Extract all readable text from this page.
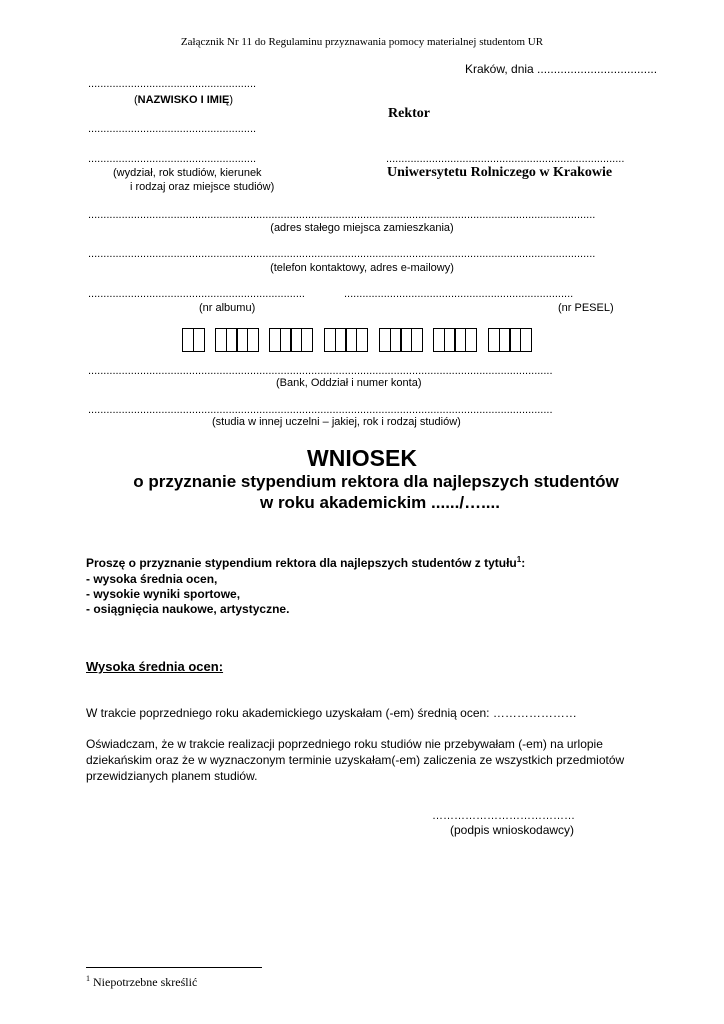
Załącznik Nr 11 do Regulaminu przyznawania pomocy materialnej studentom UR
Kraków, dnia ....................................
.......................................................
(NAZWISKO I IMIĘ)
.......................................................
.......................................................
(wydział, rok studiów, kierunek
i rodzaj oraz miejsce studiów)
Rektor
..............................................................................
Uniwersytetu Rolniczego w Krakowie
......................................................................................................................................................................
(adres stałego miejsca zamieszkania)
......................................................................................................................................................................
(telefon kontaktowy, adres e-mailowy)
.......................................................................	...........................................................................
(nr albumu)	(nr PESEL)
........................................................................................................................................................
(Bank, Oddział i numer konta)
........................................................................................................................................................
(studia w innej uczelni – jakiej, rok i rodzaj studiów)
WNIOSEK
o przyznanie stypendium rektora dla najlepszych studentów
w roku akademickim ....../…....
Proszę o przyznanie stypendium rektora dla najlepszych studentów z tytułu$^1$:
- wysoka średnia ocen,
- wysokie wyniki sportowe,
- osiągnięcia naukowe, artystyczne.
Wysoka średnia ocen:
W trakcie poprzedniego roku akademickiego uzyskałam (-em) średnią ocen: …………………
Oświadczam, że w trakcie realizacji poprzedniego roku studiów nie przebywałam (-em) na urlopie dziekańskim oraz że w wyznaczonym terminie uzyskałam(-em) zaliczenia ze wszystkich przedmiotów przewidzianych planem studiów.
…………………………………
(podpis wnioskodawcy)
$^1$ Niepotrzebne skreślić
